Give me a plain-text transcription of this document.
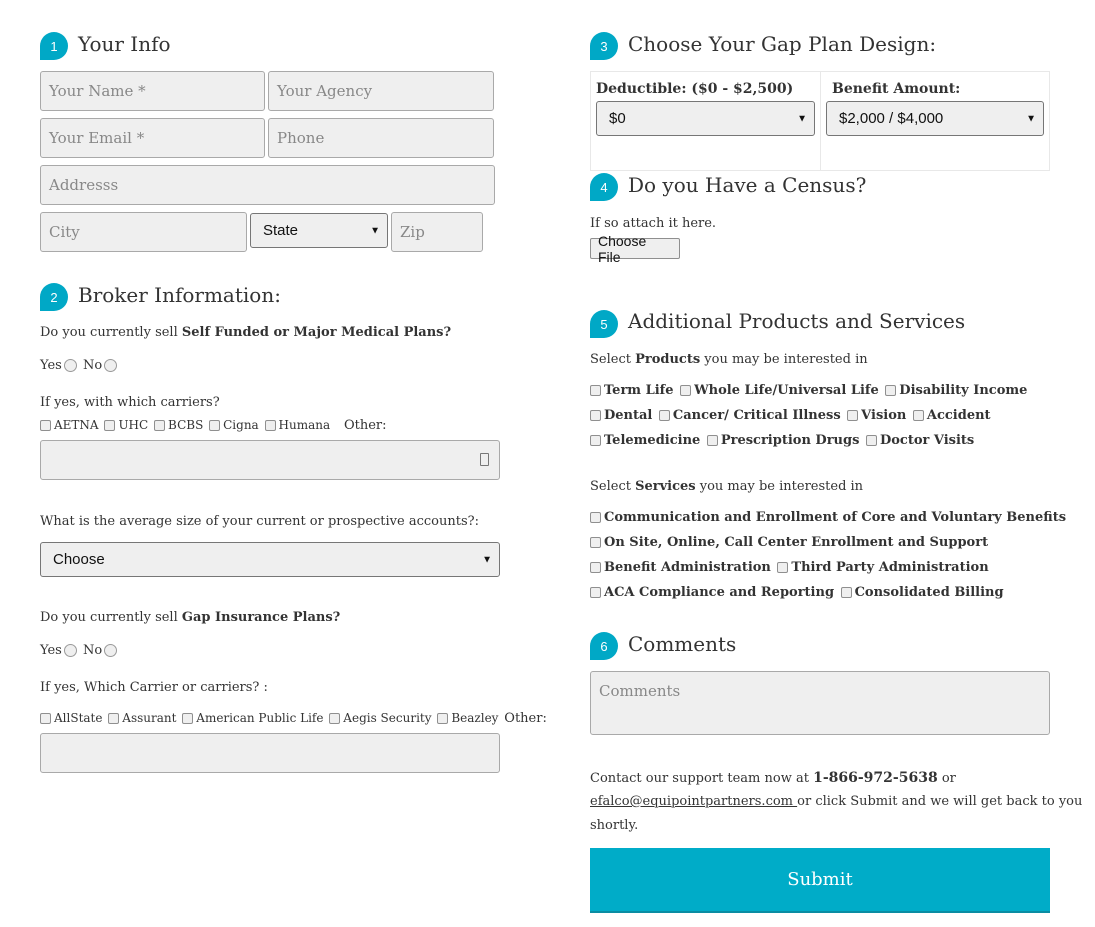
1	Your Info
Your Name *	Your Agency
Your Email *	Phone
Addresss
City	State	▼	Zip
2	Broker Information:
Do you currently sell Self Funded or Major Medical Plans?
Yes No
If yes, with which carriers?
AETNA UHC BCBS Cigna Humana Other:
What is the average size of your current or prospective accounts?:
Choose	▼
Do you currently sell Gap Insurance Plans?
Yes No
If yes, Which Carrier or carriers? :
AllState Assurant American Public Life Aegis Security Beazley Other:
3	Choose Your Gap Plan Design:
Deductible: ($0 - $2,500)
$0	▼
Benefit Amount:
$2,000 / $4,000	▼
4	Do you Have a Census?
If so attach it here.
Choose File
5	Additional Products and Services
Select Products you may be interested in
Term Life Whole Life/Universal Life Disability Income
Dental Cancer/ Critical Illness Vision Accident
Telemedicine Prescription Drugs Doctor Visits
Select Services you may be interested in
Communication and Enrollment of Core and Voluntary Benefits
On Site, Online, Call Center Enrollment and Support
Benefit Administration Third Party Administration
ACA Compliance and Reporting Consolidated Billing
6	Comments
Comments
Contact our support team now at 1-866-972-5638 or
efalco@equipointpartners.com or click Submit and we will get back to you
shortly.
Submit
